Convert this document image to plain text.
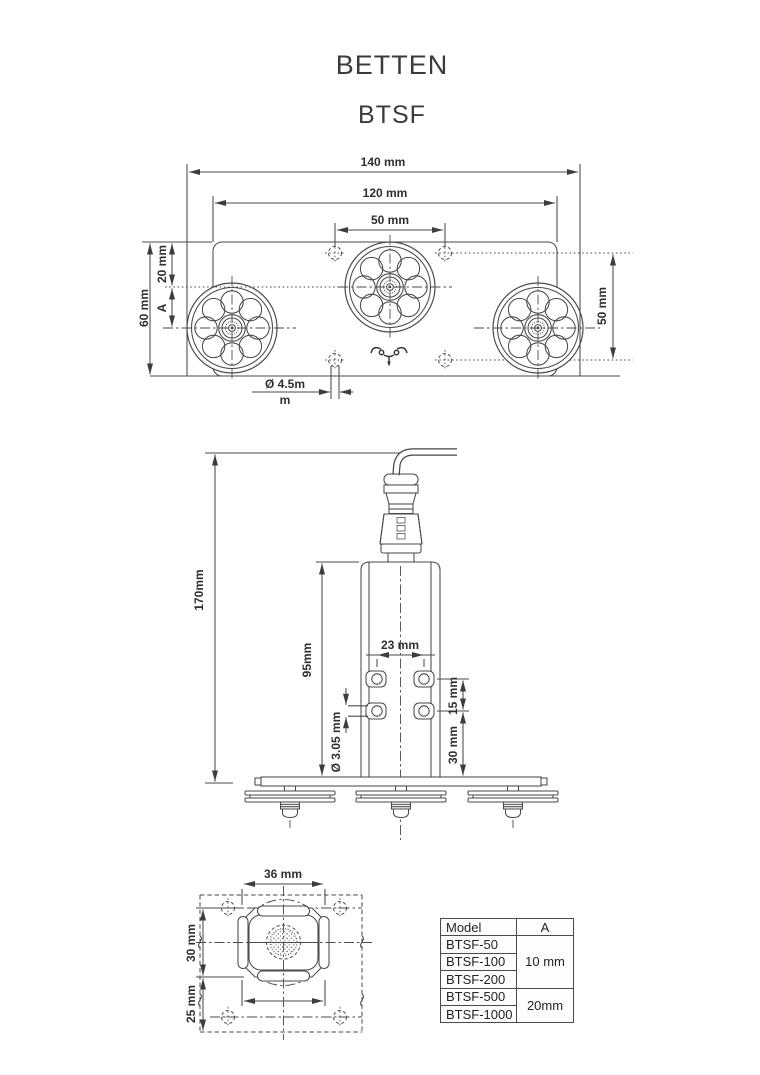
BETTEN
BTSF
140 mm
120 mm
50 mm
60 mm
20 mm
A	50 mm
Ø 4.5m
m
170mm
95mm	23 mm
Ø 3.05 mm
15 mm
30 mm
36 mm
30 mm
25 mm
Model	A
BTSF-50	10 mm
BTSF-100	
BTSF-200	
BTSF-500	20mm
BTSF-1000	
